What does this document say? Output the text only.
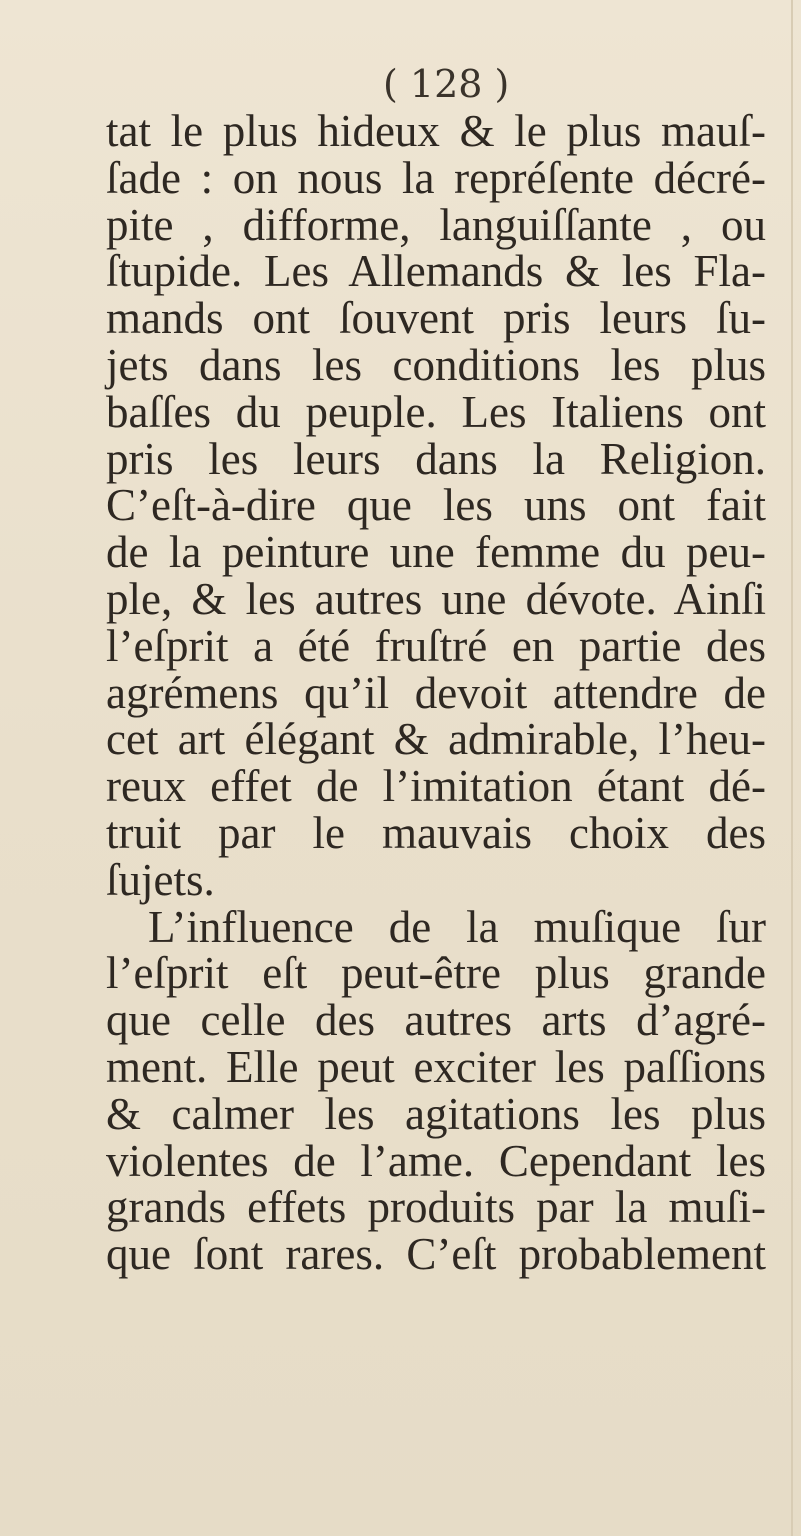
( 128 )
tat le plus hideux & le plus mauſ-
ſade : on nous la repréſente décré-
pite , difforme, languiſſante , ou
ſtupide. Les Allemands & les Fla-
mands ont ſouvent pris leurs ſu-
jets dans les conditions les plus
baſſes du peuple. Les Italiens ont
pris les leurs dans la Religion.
C’eſt-à-dire que les uns ont fait
de la peinture une femme du peu-
ple, & les autres une dévote. Ainſi
l’eſprit a été fruſtré en partie des
agrémens qu’il devoit attendre de
cet art élégant & admirable, l’heu-
reux effet de l’imitation étant dé-
truit par le mauvais choix des
ſujets.
L’influence de la muſique ſur
l’eſprit eſt peut-être plus grande
que celle des autres arts d’agré-
ment. Elle peut exciter les paſſions
& calmer les agitations les plus
violentes de l’ame. Cependant les
grands effets produits par la muſi-
que ſont rares. C’eſt probablement
